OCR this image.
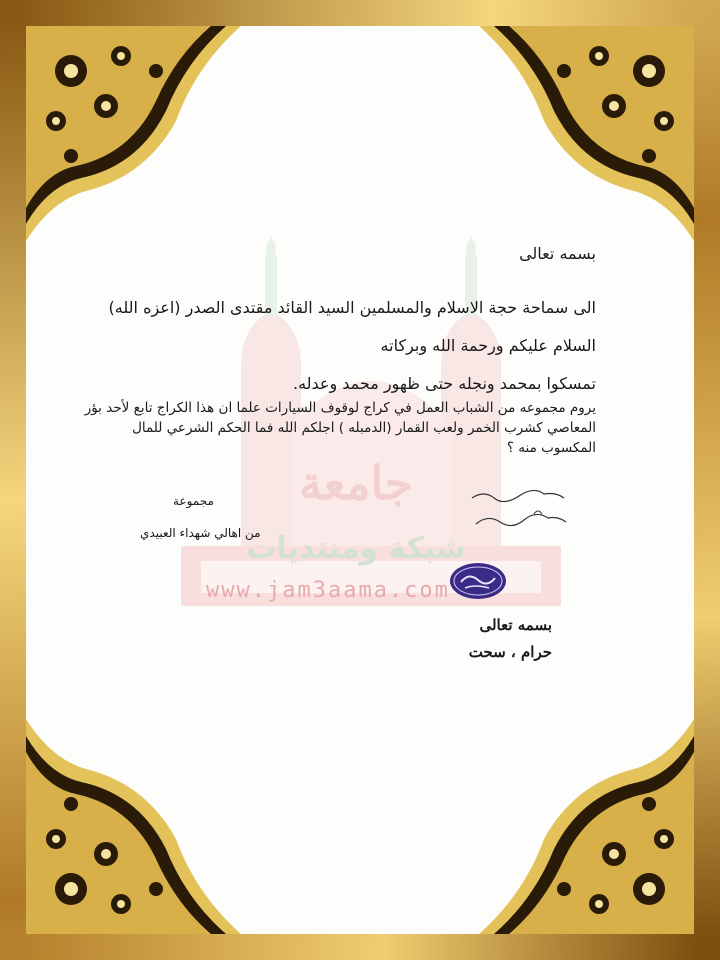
جامعة
شبكة ومنتديات
www.jam3aama.com
بسمه تعالى
الى سماحة حجة الاسلام والمسلمين السيد القائد مقتدى الصدر (اعزه الله)
السلام عليكم ورحمة الله وبركاته
تمسكوا بمحمد ونجله حتى ظهور محمد وعدله.
يروم مجموعه من الشباب العمل في كراج لوقوف السيارات علما ان هذا الكراج تابع لأحد بؤر المعاصي كشرب الخمر ولعب القمار (الدمبله ) اجلكم الله فما الحكم الشرعي للمال المكسوب منه ؟
مجموعة
من اهالي شهداء العبيدي
بسمه تعالى
حرام ، سحت
